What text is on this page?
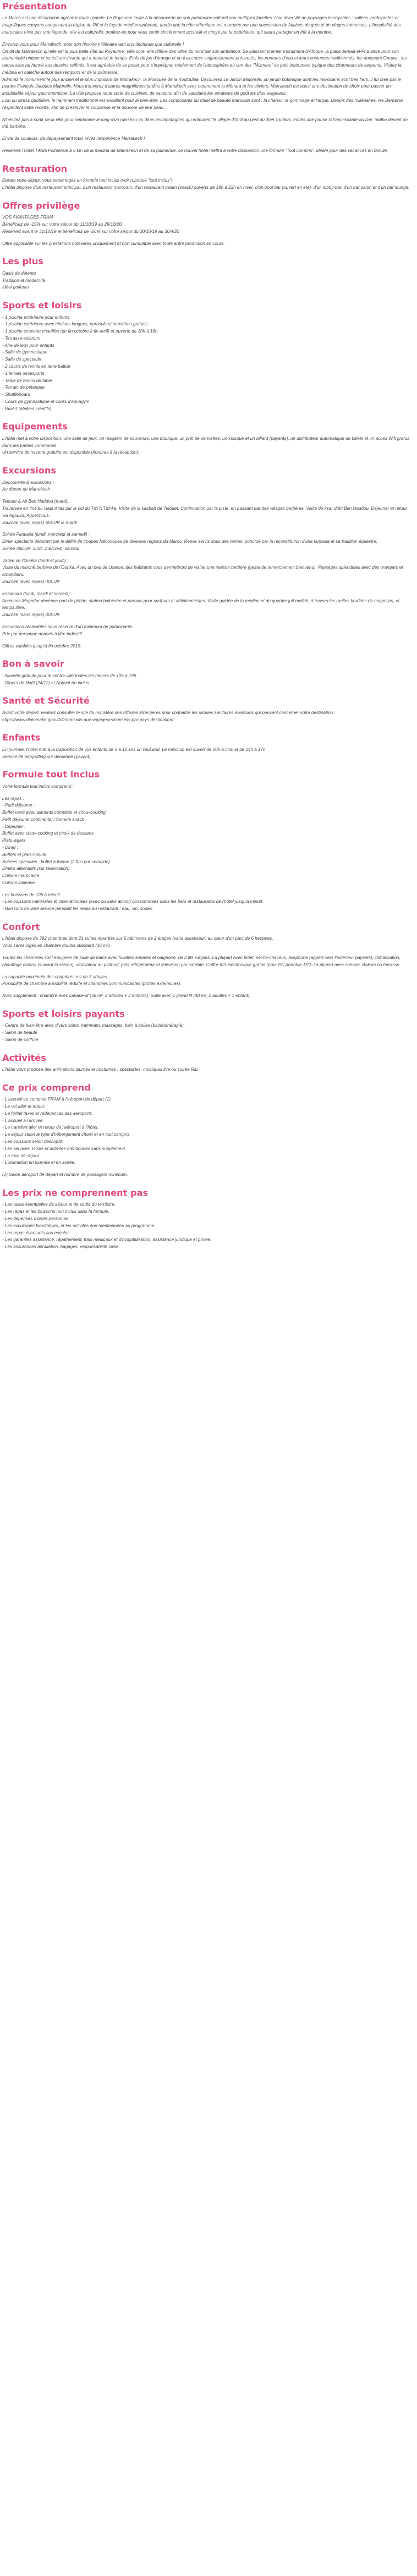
Présentation

Le Maroc est une destination agréable toute l'année. Le Royaume invite à la découverte de son patrimoine culturel aux multiples facettes. Une diversité de paysages incroyables : vallées verdoyantes et magnifiques canyons composent la région du Rif et la façade méditerranéenne, tandis que la côte atlantique est marquée par une succession de falaises de grès et de plages immenses. L'hospitalité des marocains n'est pas une légende, elle est culturelle, profitez-en pour vous sentir sincèrement accueilli et choyé par la population, qui saura partager un thé à la menthe.

Envolez-vous pour Marrakech, pour son histoire millénaire tant architecturale que culturelle !

On dit de Marrakech qu'elle est la plus belle ville du Royaume. Ville ocre, elle diffère des villes du nord par son ambiance. Se classant premier monument d'Afrique, la place Jemaâ el-Fna attire pour son authenticité unique et sa culture vivante qui a traversé le temps. Étals de jus d'orange et de fruits secs soigneusement présentés, les porteurs d'eau et leurs costumes traditionnels, les danseurs Gnawa , les tatoueuses au henné aux dessins raffinés. Il est agréable de se poser pour s'imprégner totalement de l'atmosphère au son des "Mizmars" ce petit instrument typique des charmeurs de serpents. Visitez la médina en calèche autour des remparts et de la palmeraie.

Admirez le monument le plus ancien et le plus imposant de Marrakech, la Mosquée de la Koutoubia. Découvrez Le Jardin Majorelle, un jardin botanique dont les marocains sont très fiers, il fut créé par le peintre Français Jacques Majorelle. Vous trouverez d'autres magnifiques jardins à Marrakech avec notamment la Ménara et les oliviers. Marrakech est aussi une destination de choix pour passer un inoubliable séjour gastronomique. La ville propose toute sorte de cuisines, de saveurs, afin de satisfaire les amateurs de goût les plus exigeants.

Loin du stress quotidien, le hammam traditionnel est excellent pour le bien-être. Les composants du rituel de beauté marocain sont : la chaleur, le gommage et l'argile. Depuis des millénaires, les Berbères respectent cette recette, afin de préserver la souplesse et la douceur de leur peau.

N'hésitez pas à sortir de la ville pour randonner le long d'un ruisseau ou dans les montagnes qui entourent le village d'Imlil au pied du Jbel Toubkal. Faites une pause rafraîchissante au Dar Tadlba devant un thé berbère.

Envie de couleurs, de dépaysement total, vivez l'expérience Marrakech !

Réservez l'hôtel Tikida Palmeraie à 5 km de la médina de Marrakech et de sa palmeraie, ce nouvel hôtel mettra à votre disposition une formule "Tout compris", idéale pour des vacances en famille.

Restauration

Durant votre séjour, vous serez logés en formule tout inclus (voir rubrique "tout inclus").
L'hôtel dispose d'un restaurant principal, d'un restaurant marocain, d'un restaurant italien (snack) ouverts de 19h à 22h en hiver, d'un pool bar (ouvert en été), d'un lobby-bar, d'un bar salon et d'un bar lounge.

Offres privilège

VOS AVANTAGES FRAM

Bénéficiez de -15% sur votre séjour du 11/10/19 au 29/10/20.

Réservez avant le 31/10/19 et bénéficiez de -20% sur votre séjour du 30/10/19 au 30/4/20

Offre applicable sur les prestations hôtelières uniquement et non cumulable avec toute autre promotion en cours.

Les plus

Oasis de détente

Tradition et modernité

Idéal golfeurs

Sports et loisirs
- 1 piscine extérieure pour enfants
- 1 piscine extérieure avec chaises longues, parasols et serviettes gratuits
- 1 piscine couverte chauffée (de fin octobre à fin avril) et ouverte de 10h à 18h.
- Terrasse-solarium
- Aire de jeux pour enfants
- Salle de gymnastique
- Salle de spectacle
- 2 courts de tennis en terre battue
- 1 terrain omnisports
- Table de tennis de table
- Terrain de pétanque
- Shuffleboard
- Cours de gymnastique et cours d'aquagym
- RiuArt (ateliers créatifs)
Equipements

L'hôtel met à votre disposition, une salle de jeux, un magasin de souvenirs, une boutique, un prêt de serviettes, un kiosque et un billard (payants), un distributeur automatique de billets et un accès Wifi gratuit dans les parties communes.
Un service de navette gratuite est disponible (horaires à la réception).

Excursions

Découverte & excursions :
Au départ de Marrakech

Telouet & Ait Ben Haddou (mardi) :
Traversée en 4x4 du Haut Atlas par le col du Tizi N'Tichka. Visite de la kasbah de Telouet. Continuation par la piste, en passant par des villages berbères. Visite du ksar d'Ait Ben Haddou. Déjeuner et retour via Agouim, Aguelmous.
Journée (avec repas) 65EUR le mardi

Soirée Fantasia (lundi, mercredi et samedi) :
Dîner spectacle débutant par le défilé de troupes folkloriques de diverses régions du Maroc. Repas servis sous des tentes, ponctué par la reconstitution d'une fantasia et sa tradition équestre.
Soirée 48EUR, lundi, mercredi, samedi

Vallée de l'Ourika (lundi et jeudi) :
Visite du marché berbère de l'Ourika. Avec un peu de chance, des habitants vous permettront de visiter une maison berbère (geste de remerciement bienvenu). Paysages splendides avec des orangers et amandiers.
Journée (avec repas) 40EUR

Essaouira (lundi, mardi et samedi) :
Ancienne Mogador devenue port de pêche, station balnéaire et paradis pour surfeurs et véliplanchistes. Visite guidée de la médina et du quartier juif mellah, à travers les ruelles bordées de magasins, et temps libre.
Journée (sans repas) 40EUR

Excursions réalisables sous réserve d'un minimum de participants.
Prix par personne donnés à titre indicatif.

Offres valables jusqu'à fin octobre 2019.

Bon à savoir
- Navette gratuite pour le centre ville toutes les heures de 10h à 19h.
- Dîners de Noël (24/12) et Nouvel An inclus.
Santé et Sécurité

Avant votre départ, veuillez consulter le site du ministère des Affaires étrangères pour connaître les risques sanitaires éventuels qui peuvent concerner votre destination : https://www.diplomatie.gouv.fr/fr/conseils-aux-voyageurs/conseils-par-pays-destination/

Enfants

En journée, l'hôtel met à la disposition de vos enfants de 5 à 12 ans un RiuLand. Le miniclub est ouvert de 10h à midi et de 14h à 17h.
Service de babysitting sur demande (payant).

Formule tout inclus

Votre formule tout inclus comprend :

Les repas :

- Petit déjeuner :

Buffet varié avec aliments complets et show-cooking

Petit déjeuner continental / formule snack

- Déjeuner :

Buffet avec show-cooking et choix de desserts

Plats légers

- Dîner :

Buffets et plats-minute

Soirées spéciales : buffet à thème (2 fois par semaine)

Dîners alternatifs (sur réservation)

Cuisine marocaine

Cuisine italienne

Les boissons de 10h à minuit :
- Les boissons nationales et internationales (avec ou sans alcool) consommées dans les bars et restaurants de l'hôtel jusqu'à minuit.
- Boissons en libre service pendant les repas au restaurant : eau, vin, sodas.

Confort

L'hôtel dispose de 392 chambres dont 21 suites réparties sur 5 bâtiments de 2 étages (sans ascenseur) au cœur d'un parc de 6 hectares.
Vous serez logés en chambre double standard (36 m²).

Toutes les chambres sont équipées de salle de bains avec toilettes séparés et baignoire, de 2 lits simples. La plupart avec bidet, sèche-cheveux, téléphone (appels vers l'extérieur payants), climatisation, chauffage central (suivant la saison), ventilateur au plafond, petit réfrigérateur et télévision par satellite. Coffre-fort électronique gratuit (pour PC portable 15"). La plupart avec canapé. Balcon ou terrasse.

La capacité maximale des chambres est de 3 adultes.
Possibilité de chambre à mobilité réduite et chambres communicantes (portes extérieures).

Avec supplément : chambre avec canapé-lit (36 m², 2 adultes + 2 enfants), Suite avec 1 grand lit (48 m², 2 adultes + 1 enfant).

Sports et loisirs payants
- Centre de bien-être avec divers soins, hammam, massages, bain à bulles (balnéothérapie).
- Salon de beauté
- Salon de coiffure
Activités

L'hôtel vous propose des animations diurnes et nocturnes : spectacles, musiques live ou soirée Riu.

Ce prix comprend
- L'accueil au comptoir FRAM à l'aéroport de départ (1).
- Le vol aller et retour.
- Le forfait taxes et redevances des aéroports.
- L'accueil à l'arrivée.
- Le transfert aller et retour de l'aéroport à l'hôtel.
- Le séjour selon le type d'hébergement choisi et en tout compris.
- Les boissons selon descriptif.
- Les services, loisirs et activités mentionnés sans supplément.
- La taxe de séjour.
- L'animation en journée et en soirée.

(1) Selon aéroport de départ et nombre de passagers minimum.

Les prix ne comprennent pas
- Les taxes éventuelles de séjour et de sortie du territoire.
- Les repas et les boissons non inclus dans la formule.
- Les dépenses d'ordre personnel.
- Les excursions facultatives, et les activités non mentionnées au programme.
- Les repas éventuels aux escales.
- Les garanties assistance, rapatriement, frais médicaux et d'hospitalisation, assistance juridique et privée.
- Les assurances annulation, bagages, responsabilité civile.
